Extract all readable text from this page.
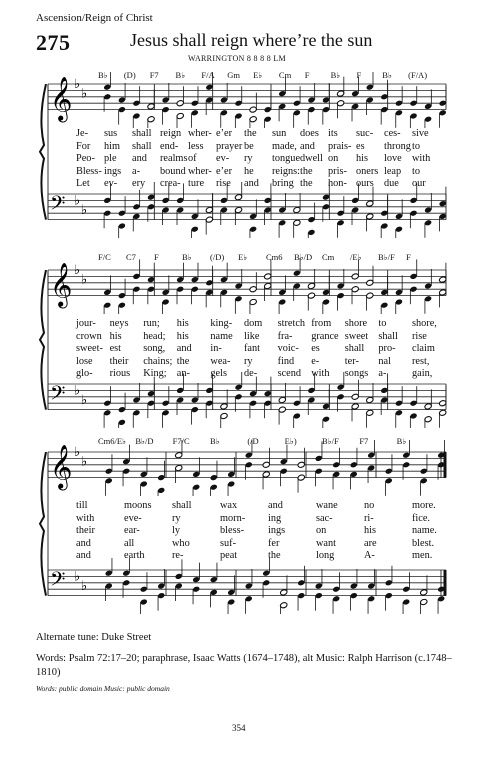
Ascension/Reign of Christ
275	Jesus shall reign where’re the sun
WARRINGTON 8 8 8 8 LM
B♭ (D) F7 B♭ F/A Gm E♭ Cm F B♭ F B♭ (F/A)
𝄞 ♭
♭
𝄢 ♭
♭
Je- sus shall reign wher- e’er the sun does its suc- ces- sive
For him shall end- less prayer be made, and prais- es throng to
Peo- ple and realms of ev- ry tongue dwell on his love with
Bless- ings a- bound wher- e’er he reigns: the pris- oners leap to
Let ev- ery crea- ture rise and bring the hon- ours due our
F/C C7 F	B♭ (/D) E♭ Cm6 B♭/D Cm /E♭ B♭/F F
𝄞 ♭
♭
𝄢 ♭
♭
jour- neys run; his king- dom stretch from shore to shore,
crown his head; his name like fra- grance sweet shall rise
sweet- est song, and in- fant voic- es shall pro- claim
lose their chains; the wea- ry find e- ter- nal rest,
glo- rious King; an- gels de- scend with songs a- gain,
Cm6/E♭ B♭/D F7/C B♭	(/D	E♭)	B♭/F F7	B♭
𝄞 ♭
♭
𝄢 ♭
♭
till	moons shall	wax	and	wane	no	more.
with	eve-	ry	morn- ing	sac-	ri-	fice.
their	ear-	ly	bless- ings	on	his	name.
and	all	who	suf-	fer	want	are	blest.
and	earth	re-	peat	the	long	A-	men.
Alternate tune: Duke Street
Words: Psalm 72:17–20; paraphrase, Isaac Watts (1674–1748), alt Music: Ralph Harrison (c.1748–1810)
Words: public domain Music: public domain
354
